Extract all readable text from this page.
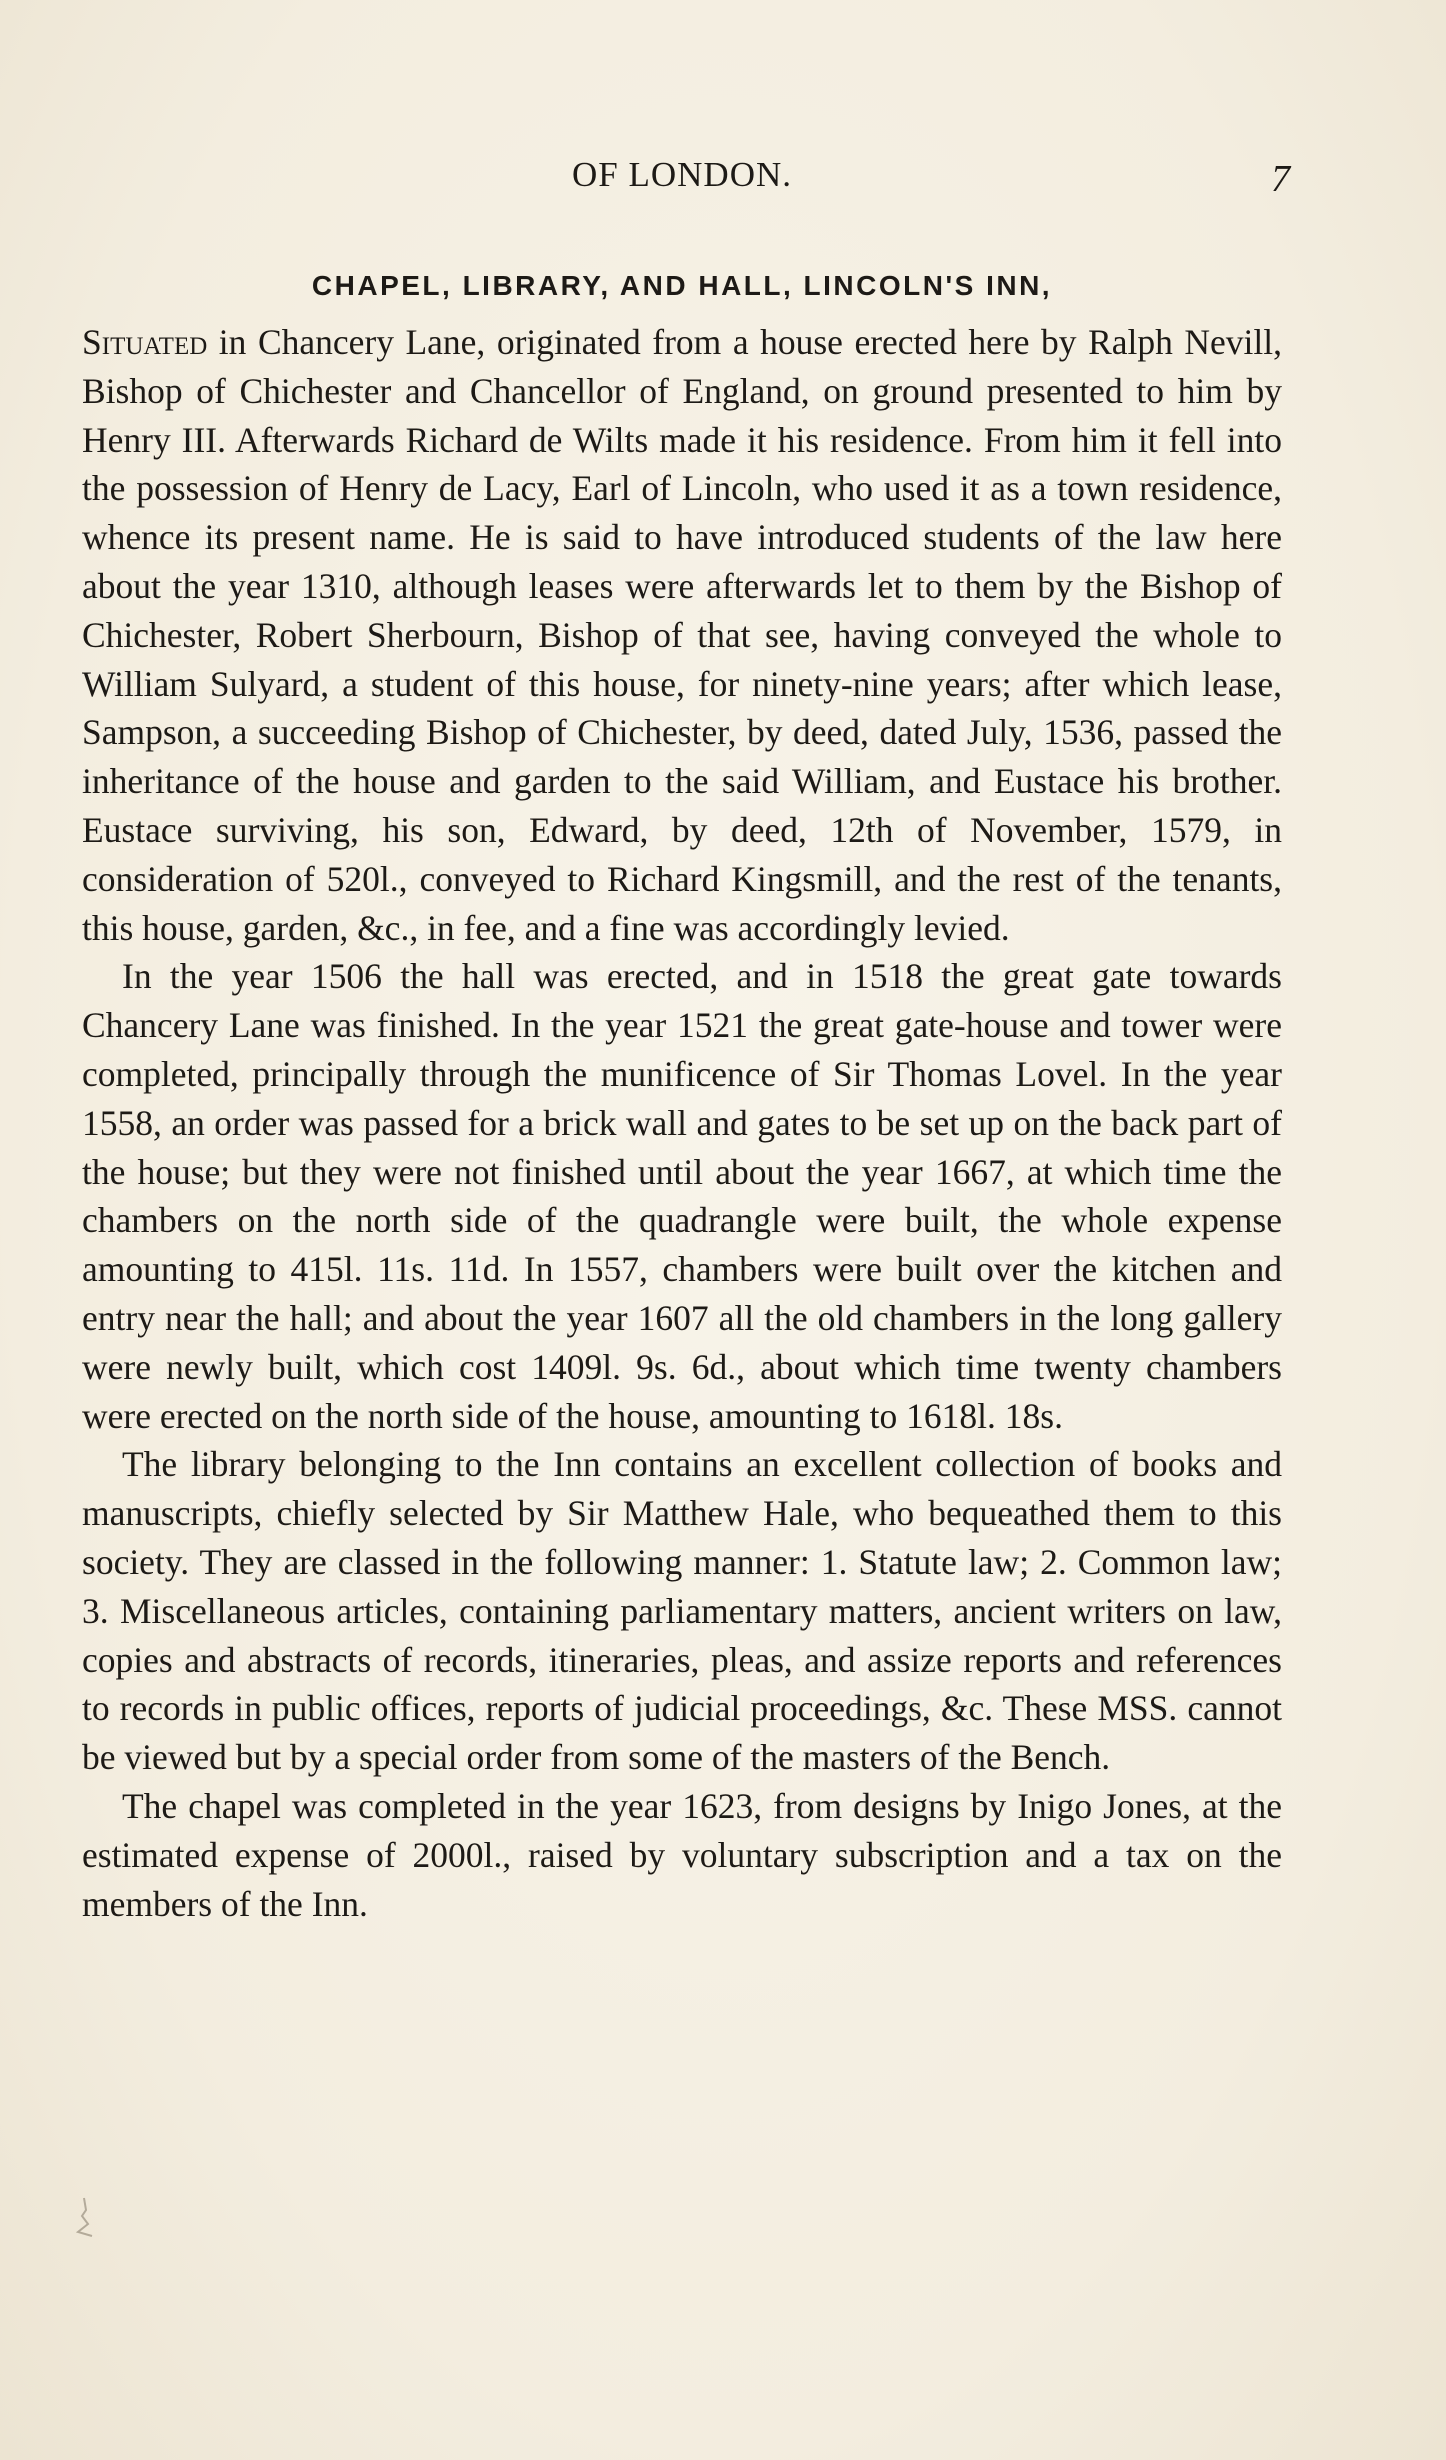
OF LONDON.	7
CHAPEL, LIBRARY, AND HALL, LINCOLN'S INN,

Situated in Chancery Lane, originated from a house erected here by Ralph Nevill, Bishop of Chichester and Chancellor of England, on ground presented to him by Henry III. Afterwards Richard de Wilts made it his residence. From him it fell into the possession of Henry de Lacy, Earl of Lincoln, who used it as a town residence, whence its present name. He is said to have introduced students of the law here about the year 1310, although leases were afterwards let to them by the Bishop of Chichester, Robert Sherbourn, Bishop of that see, having conveyed the whole to William Sulyard, a student of this house, for ninety-nine years; after which lease, Sampson, a succeeding Bishop of Chichester, by deed, dated July, 1536, passed the inheritance of the house and garden to the said William, and Eustace his brother. Eustace surviving, his son, Edward, by deed, 12th of November, 1579, in consideration of 520l., conveyed to Richard Kingsmill, and the rest of the tenants, this house, garden, &c., in fee, and a fine was accordingly levied.

In the year 1506 the hall was erected, and in 1518 the great gate towards Chancery Lane was finished. In the year 1521 the great gate-house and tower were completed, principally through the munificence of Sir Thomas Lovel. In the year 1558, an order was passed for a brick wall and gates to be set up on the back part of the house; but they were not finished until about the year 1667, at which time the chambers on the north side of the quadrangle were built, the whole expense amounting to 415l. 11s. 11d. In 1557, chambers were built over the kitchen and entry near the hall; and about the year 1607 all the old chambers in the long gallery were newly built, which cost 1409l. 9s. 6d., about which time twenty chambers were erected on the north side of the house, amounting to 1618l. 18s.

The library belonging to the Inn contains an excellent collection of books and manuscripts, chiefly selected by Sir Matthew Hale, who bequeathed them to this society. They are classed in the following manner: 1. Statute law; 2. Common law; 3. Miscellaneous articles, containing parliamentary matters, ancient writers on law, copies and abstracts of records, itineraries, pleas, and assize reports and references to records in public offices, reports of judicial proceedings, &c. These MSS. cannot be viewed but by a special order from some of the masters of the Bench.

The chapel was completed in the year 1623, from designs by Inigo Jones, at the estimated expense of 2000l., raised by voluntary subscription and a tax on the members of the Inn.
